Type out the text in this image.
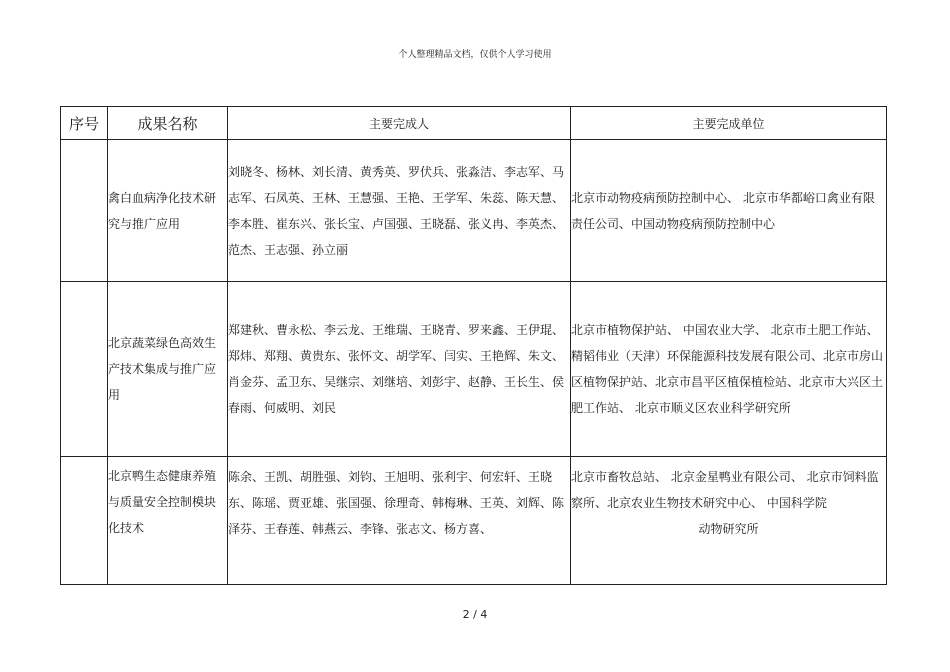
个人整理精品文档，仅供个人学习使用
序号	成果名称	主要完成人	主要完成单位
	禽白血病净化技术研究与推广应用	刘晓冬、杨林、刘长清、黄秀英、罗伏兵、张淼洁、李志军、马志军、石凤英、王林、王慧强、王艳、王学军、朱蕊、陈天慧、李本胜、崔东兴、张长宝、卢国强、王晓磊、张义冉、李英杰、范杰、王志强、孙立丽	北京市动物疫病预防控制中心、 北京市华都峪口禽业有限责任公司、中国动物疫病预防控制中心
	北京蔬菜绿色高效生产技术集成与推广应用	郑建秋、曹永松、李云龙、王维瑞、王晓青、罗来鑫、王伊琨、郑炜、郑翔、黄贵东、张怀文、胡学军、闫实、王艳辉、朱文、肖金芬、孟卫东、吴继宗、刘继培、刘彭宇、赵静、王长生、侯春雨、何威明、刘民	北京市植物保护站、 中国农业大学、 北京市土肥工作站、精韬伟业（天津）环保能源科技发展有限公司、北京市房山区植物保护站、北京市昌平区植保植检站、北京市大兴区土肥工作站、 北京市顺义区农业科学研究所
	北京鸭生态健康养殖与质量安全控制模块化技术	陈余、王凯、胡胜强、刘钧、王旭明、张利宇、何宏轩、王晓东、陈瑶、贾亚雄、张国强、徐理奇、韩梅琳、王英、刘辉、陈泽芬、王春莲、韩燕云、李锋、张志文、杨方喜、	北京市畜牧总站、 北京金星鸭业有限公司、 北京市饲料监察所、北京农业生物技术研究中心、 中国科学院
动物研究所
2 / 4
